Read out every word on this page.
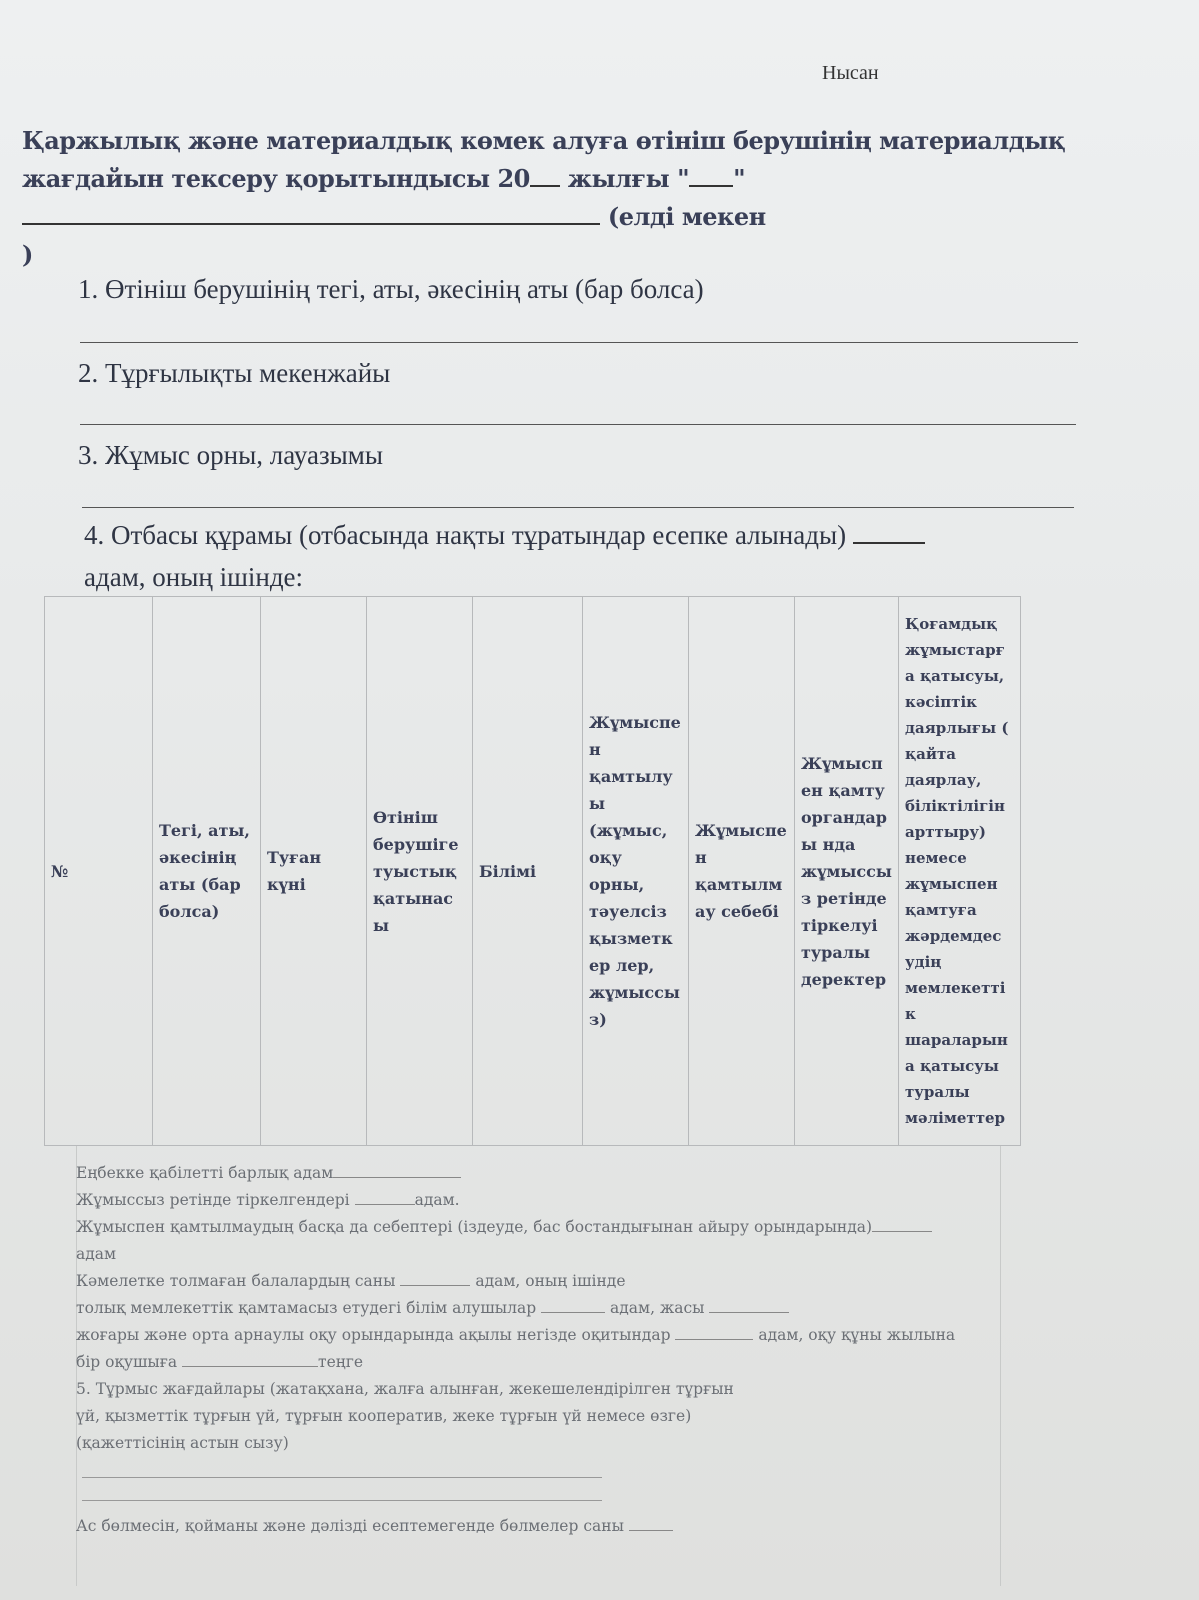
Нысан
Қаржылық және материалдық көмек алуға өтініш берушінің материалдық жағдайын тексеру қорытындысы 20 жылғы " "  (елді мекен
)
1. Өтініш берушінің тегі, аты, әкесінің аты (бар болса)
2. Тұрғылықты мекенжайы
3. Жұмыс орны, лауазымы
4. Отбасы құрамы (отбасында нақты тұратындар есепке алынады)
адам, оның ішінде:
№	Тегі, аты, әкесінің аты (бар болса)	Туған күні	Өтініш берушіге туыстық қатынасы	Білімі	Жұмыспен қамтылуы (жұмыс, оқу орны, тәуелсіз қызметкер лер, жұмыссыз)	Жұмыспен қамтылмау себебі	Жұмыспен қамту органдары нда жұмыссыз ретінде тіркелуі туралы деректер	Қоғамдық жұмыстарға қатысуы, кәсіптік даярлығы ( қайта даярлау, біліктілігін арттыру) немесе жұмыспен қамтуға жәрдемдес удің мемлекетті к шараларын а қатысуы туралы мәліметтер

Еңбекке қабілетті барлық адам

Жұмыссыз ретінде тіркелгендері	адам.

Жұмыспен қамтылмаудың басқа да себептері (іздеуде, бас бостандығынан айыру орындарында)

адам

Кәмелетке толмаған балалардың саны	адам, оның ішінде

толық мемлекеттік қамтамасыз етудегі білім алушылар	адам, жасы

жоғары және орта арнаулы оқу орындарында ақылы негізде оқитындар	адам, оқу құны жылына

бір оқушыға	теңге

5. Тұрмыс жағдайлары (жатақхана, жалға алынған, жекешелендірілген тұрғын

үй, қызметтік тұрғын үй, тұрғын кооператив, жеке тұрғын үй немесе өзге)

(қажеттісінің астын сызу)

Ас бөлмесін, қойманы және дәлізді есептемегенде бөлмелер саны
